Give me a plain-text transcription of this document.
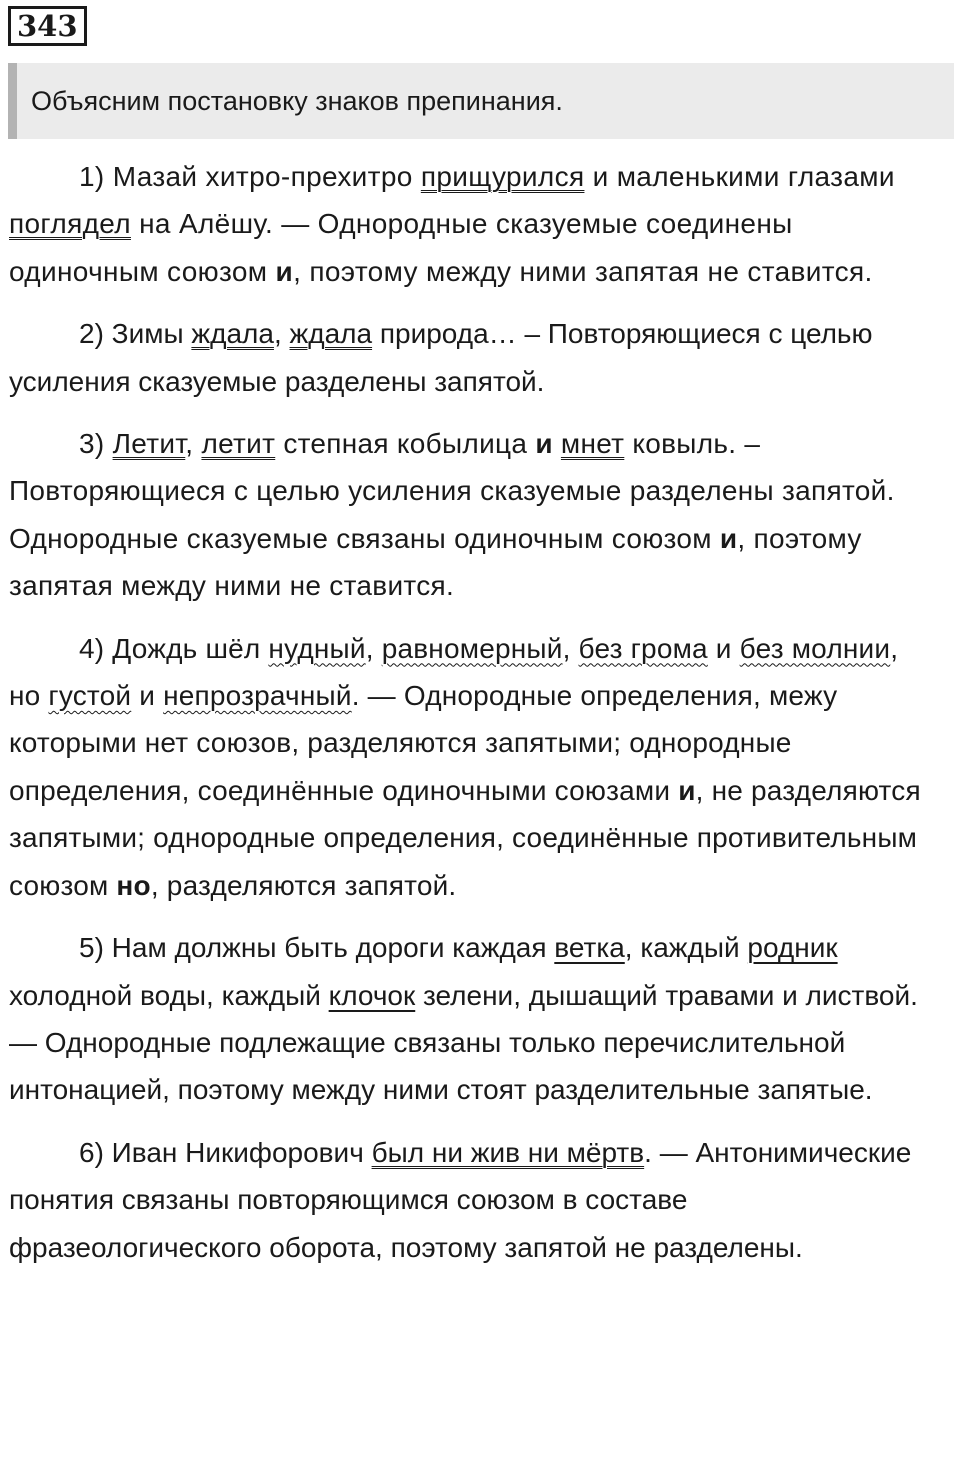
343
Объясним постановку знаков препинания.

1) Мазай хитро-прехитро прищурился и маленькими глазами поглядел на Алёшу. — Однородные сказуемые соединены одиночным союзом и, поэтому между ними запятая не ставится.

2) Зимы ждала, ждала природа… – Повторяющиеся с целью усиления сказуемые разделены запятой.

3) Летит, летит степная кобылица и мнет ковыль. – Повторяющиеся с целью усиления сказуемые разделены запятой. Однородные сказуемые связаны одиночным союзом и, поэтому запятая между ними не ставится.

4) Дождь шёл нудный, равномерный, без грома и без молнии, но густой и непрозрачный. — Однородные определения, межу которыми нет союзов, разделяются запятыми; однородные определения, соединённые одиночными союзами и, не разделяются запятыми; однородные определения, соединённые противительным союзом но, разделяются запятой.

5) Нам должны быть дороги каждая ветка, каждый родник холодной воды, каждый клочок зелени, дышащий травами и листвой. — Однородные подлежащие связаны только перечислительной интонацией, поэтому между ними стоят разделительные запятые.

6) Иван Никифорович был ни жив ни мёртв. — Антонимические понятия связаны повторяющимся союзом в составе фразеологического оборота, поэтому запятой не разделены.
